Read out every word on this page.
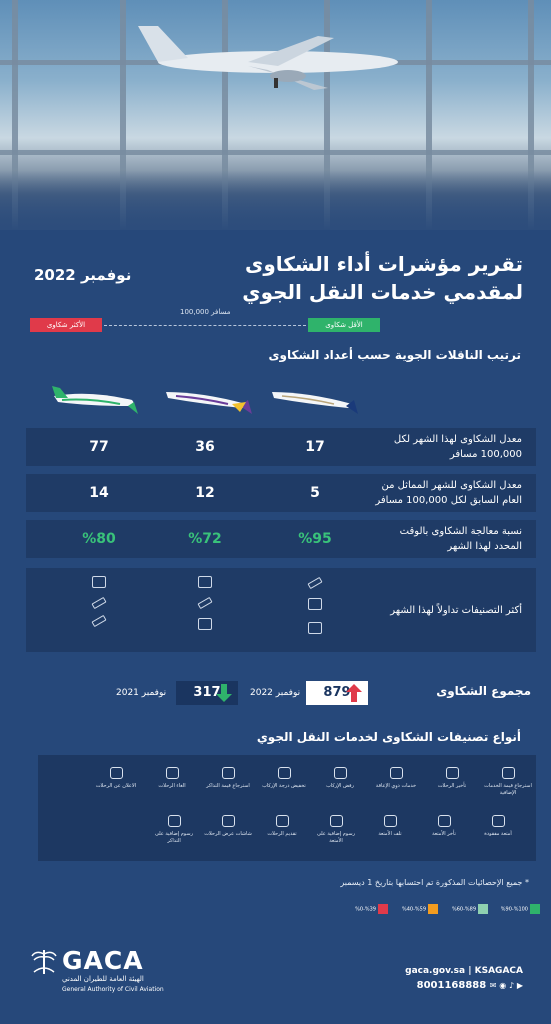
تقرير مؤشرات أداء الشكاوى
لمقدمي خدمات النقل الجوي
نوفمبر 2022
الأكثر شكاوى
100,000 مسافر
الأقل شكاوى
ترتيب الناقلات الجوية حسب أعداد الشكاوى
17
36
77	معدل الشكاوى لهذا الشهر لكل 100,000 مسافر
5
12
14	معدل الشكاوى للشهر المماثل من العام السابق لكل 100,000 مسافر
%95
%72
%80	نسبة معالجة الشكاوى بالوقت المحدد لهذا الشهر
أكثر التصنيفات تداولاً لهذا الشهر
مجموع الشكاوى
879
نوفمبر 2022
317
نوفمبر 2021
أنواع تصنيفات الشكاوى لخدمات النقل الجوي
استرجاع قيمة الخدمات الإضافية
تأخير الرحلات
خدمات ذوي الإعاقة
رفض الإركاب
تخفيض درجة الإركاب
استرجاع قيمة التذاكر
الغاء الرحلات
الاعلان عن الرحلات
أمتعة مفقودة
تأخر الأمتعة
تلف الأمتعة
رسوم إضافية على الأمتعة
تقديم الرحلات
شاشات عرض الرحلات
رسوم إضافية على التذاكر
* جميع الإحصائيات المذكورة تم احتسابها بتاريخ 1 ديسمبر
%90-%100
%60-%89
%40-%59
%0-%39
GACA
الهيئة العامة للطيران المدني
General Authority of Civil Aviation
gaca.gov.sa | KSAGACA
8001168888 ✉ ◉ ♪ ▶
